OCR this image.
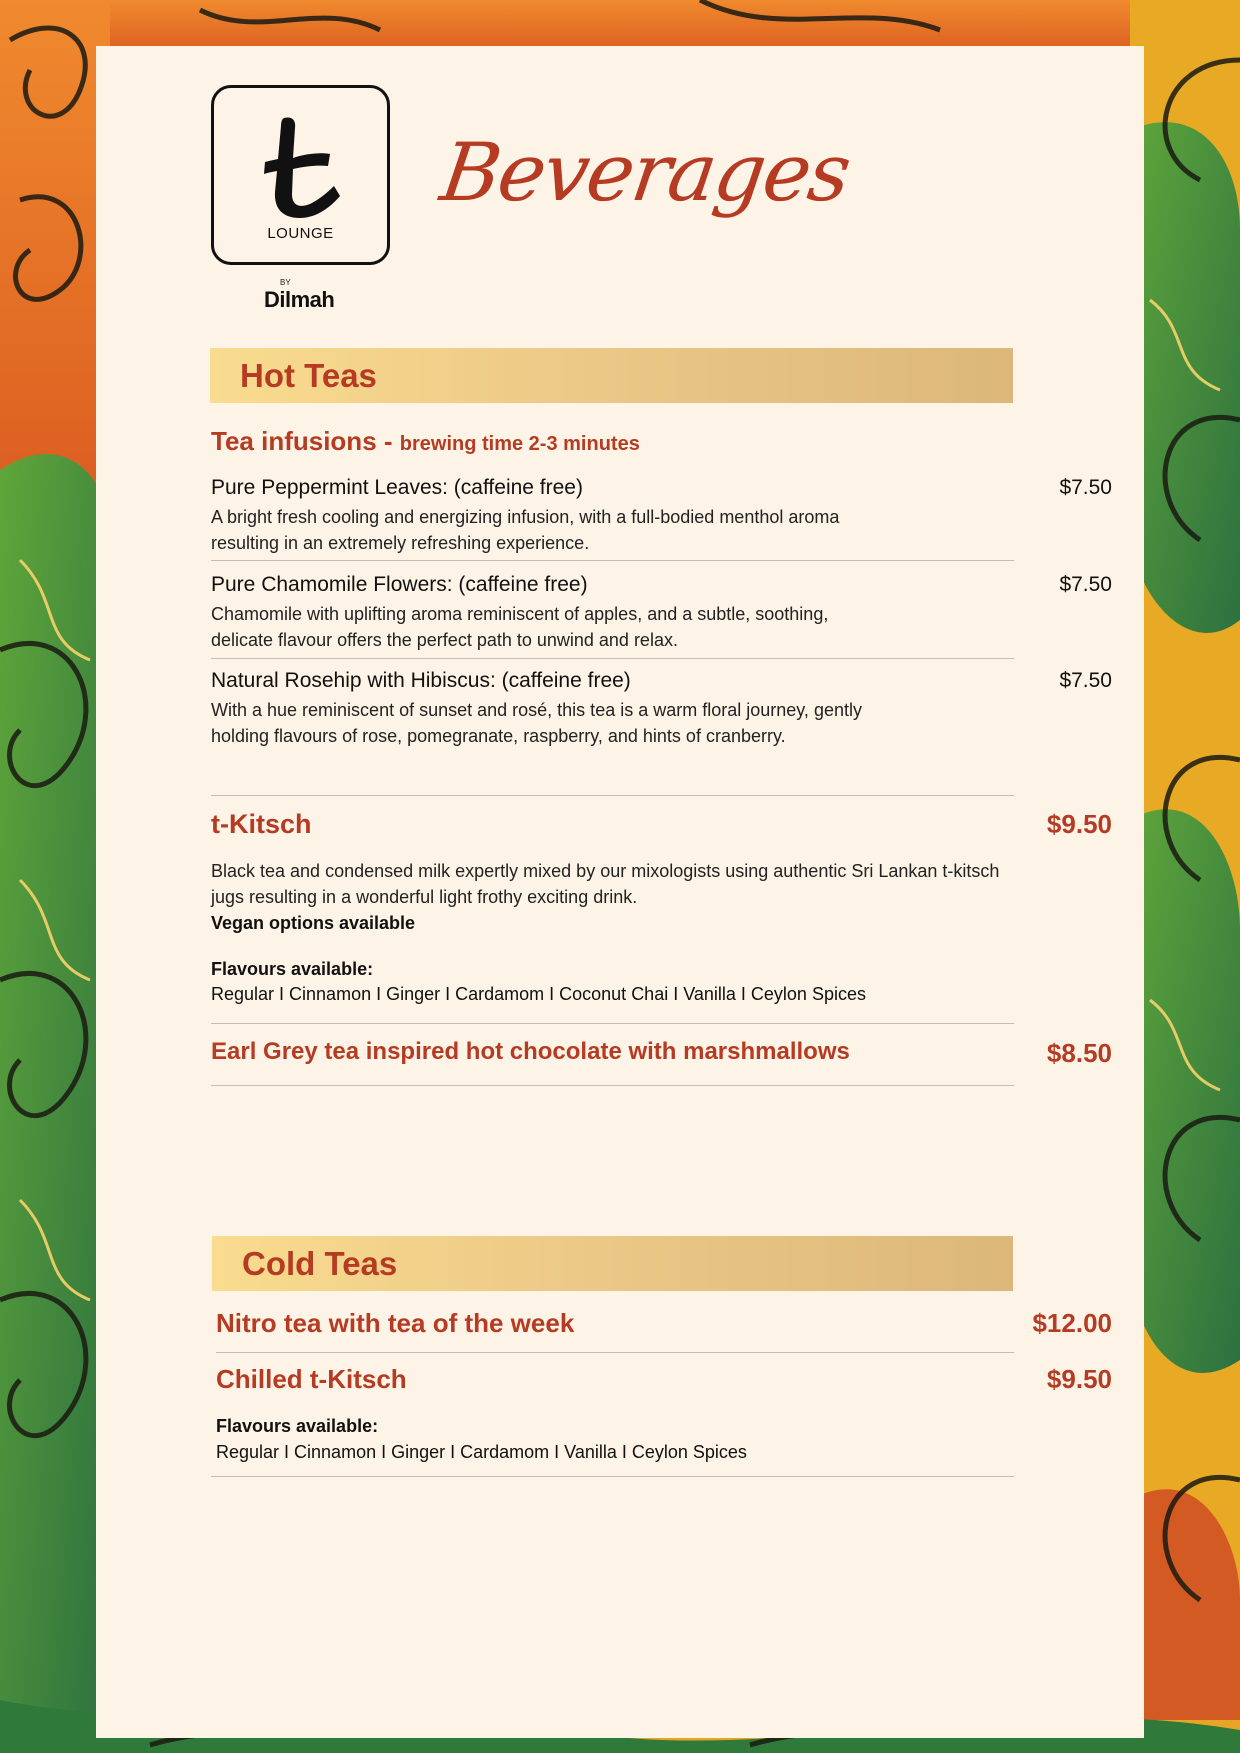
LOUNGE
BY
Dilmah
Beverages
Hot Teas
Tea infusions - brewing time 2-3 minutes
Pure Peppermint Leaves: (caffeine free)	$7.50
A bright fresh cooling and energizing infusion, with a full-bodied menthol aroma resulting in an extremely refreshing experience.
Pure Chamomile Flowers: (caffeine free)	$7.50
Chamomile with uplifting aroma reminiscent of apples, and a subtle, soothing, delicate flavour offers the perfect path to unwind and relax.
Natural Rosehip with Hibiscus: (caffeine free)	$7.50
With a hue reminiscent of sunset and rosé, this tea is a warm floral journey, gently holding flavours of rose, pomegranate, raspberry, and hints of cranberry.
t-Kitsch	$9.50
Black tea and condensed milk expertly mixed by our mixologists using authentic Sri Lankan t-kitsch jugs resulting in a wonderful light frothy exciting drink.
Vegan options available
Flavours available:
Regular I Cinnamon I Ginger I Cardamom I Coconut Chai I Vanilla I Ceylon Spices
Earl Grey tea inspired hot chocolate with marshmallows	$8.50
Cold Teas
Nitro tea with tea of the week	$12.00
Chilled t-Kitsch	$9.50
Flavours available:
Regular I Cinnamon I Ginger I Cardamom I Vanilla I Ceylon Spices
